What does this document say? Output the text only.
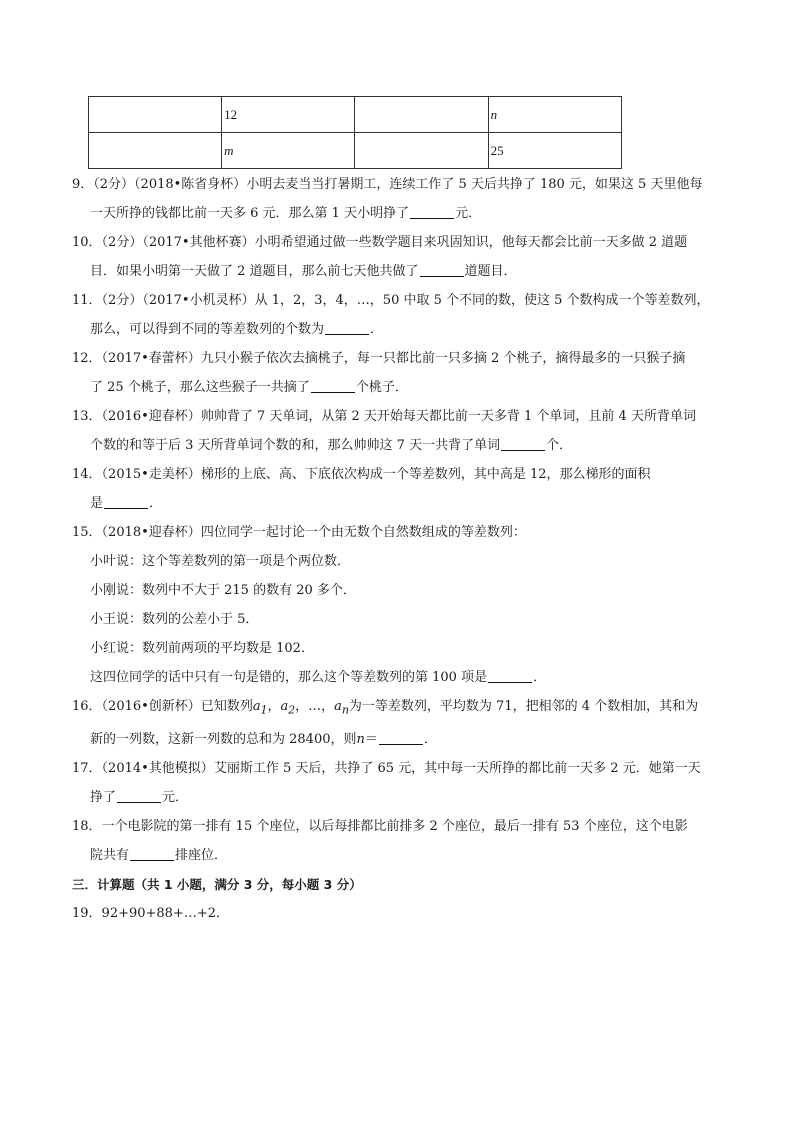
	12		n
	m		25

9．（2分）（2018•陈省身杯）小明去麦当当打暑期工，连续工作了 5 天后共挣了 180 元，如果这 5 天里他每
一天所挣的钱都比前一天多 6 元．那么第 1 天小明挣了	元．

10．（2分）（2017•其他杯赛）小明希望通过做一些数学题目来巩固知识，他每天都会比前一天多做 2 道题
目．如果小明第一天做了 2 道题目，那么前七天他共做了	道题目．

11．（2分）（2017•小机灵杯）从 1，2，3，4，…，50 中取 5 个不同的数，使这 5 个数构成一个等差数列，
那么，可以得到不同的等差数列的个数为	．

12．（2017•春蕾杯）九只小猴子依次去摘桃子，每一只都比前一只多摘 2 个桃子，摘得最多的一只猴子摘
了 25 个桃子，那么这些猴子一共摘了	个桃子．

13．（2016•迎春杯）帅帅背了 7 天单词，从第 2 天开始每天都比前一天多背 1 个单词，且前 4 天所背单词
个数的和等于后 3 天所背单词个数的和，那么帅帅这 7 天一共背了单词	个．

14．（2015•走美杯）梯形的上底、高、下底依次构成一个等差数列，其中高是 12，那么梯形的面积
是	．

15．（2018•迎春杯）四位同学一起讨论一个由无数个自然数组成的等差数列：

小叶说：这个等差数列的第一项是个两位数．

小刚说：数列中不大于 215 的数有 20 多个．

小王说：数列的公差小于 5．

小红说：数列前两项的平均数是 102．

这四位同学的话中只有一句是错的，那么这个等差数列的第 100 项是	．

16．（2016•创新杯）已知数列$a_1$，$a_2$，…，$a_n$为一等差数列，平均数为 71，把相邻的 4 个数相加，其和为
新的一列数，这新一列数的总和为 28400，则n＝	．

17．（2014•其他模拟）艾丽斯工作 5 天后，共挣了 65 元，其中每一天所挣的都比前一天多 2 元．她第一天
挣了	元．

18．一个电影院的第一排有 15 个座位，以后每排都比前排多 2 个座位，最后一排有 53 个座位，这个电影
院共有	排座位．

三．计算题（共 1 小题，满分 3 分，每小题 3 分）

19．92+90+88+…+2．
